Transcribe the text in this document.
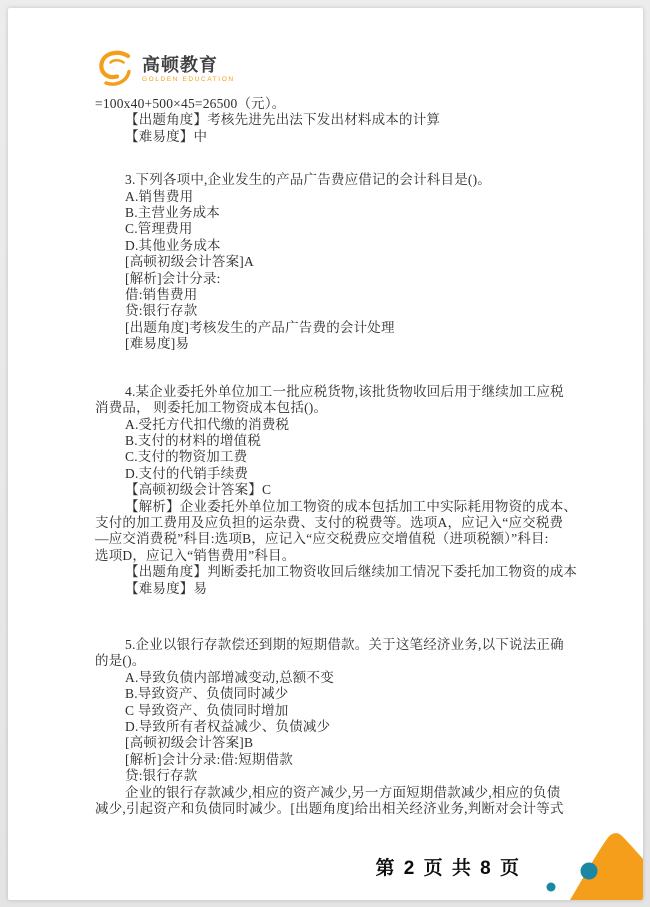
高顿教育
GOLDEN EDUCATION
=100x40+500×45=26500（元）。
【出题角度】考核先进先出法下发出材料成本的计算
【难易度】中
3.下列各项中,企业发生的产品广告费应借记的会计科目是()。
A.销售费用
B.主营业务成本
C.管理费用
D.其他业务成本
[高顿初级会计答案]A
[解析]会计分录:
借:销售费用
贷:银行存款
[出题角度]考核发生的产品广告费的会计处理
[难易度]易
4.某企业委托外单位加工一批应税货物,该批货物收回后用于继续加工应税
消费品， 则委托加工物资成本包括()。
A.受托方代扣代缴的消费税
B.支付的材料的增值税
C.支付的物资加工费
D.支付的代销手续费
【高顿初级会计答案】C
【解析】企业委托外单位加工物资的成本包括加工中实际耗用物资的成本、
支付的加工费用及应负担的运杂费、支付的税费等。选项A，应记入“应交税费
—应交消费税”科目:选项B，应记入“应交税费应交增值税（进项税额）”科目:
选项D，应记入“销售费用”科目。
【出题角度】判断委托加工物资收回后继续加工情况下委托加工物资的成本
【难易度】易
5.企业以银行存款偿还到期的短期借款。关于这笔经济业务,以下说法正确
的是()。
A.导致负债内部增减变动,总额不变
B.导致资产、负债同时减少
C 导致资产、负债同时增加
D.导致所有者权益减少、负债减少
[高顿初级会计答案]B
[解析]会计分录:借:短期借款
贷:银行存款
企业的银行存款减少,相应的资产减少,另一方面短期借款减少,相应的负债
减少,引起资产和负债同时减少。[出题角度]给出相关经济业务,判断对会计等式
第 2 页 共 8 页
